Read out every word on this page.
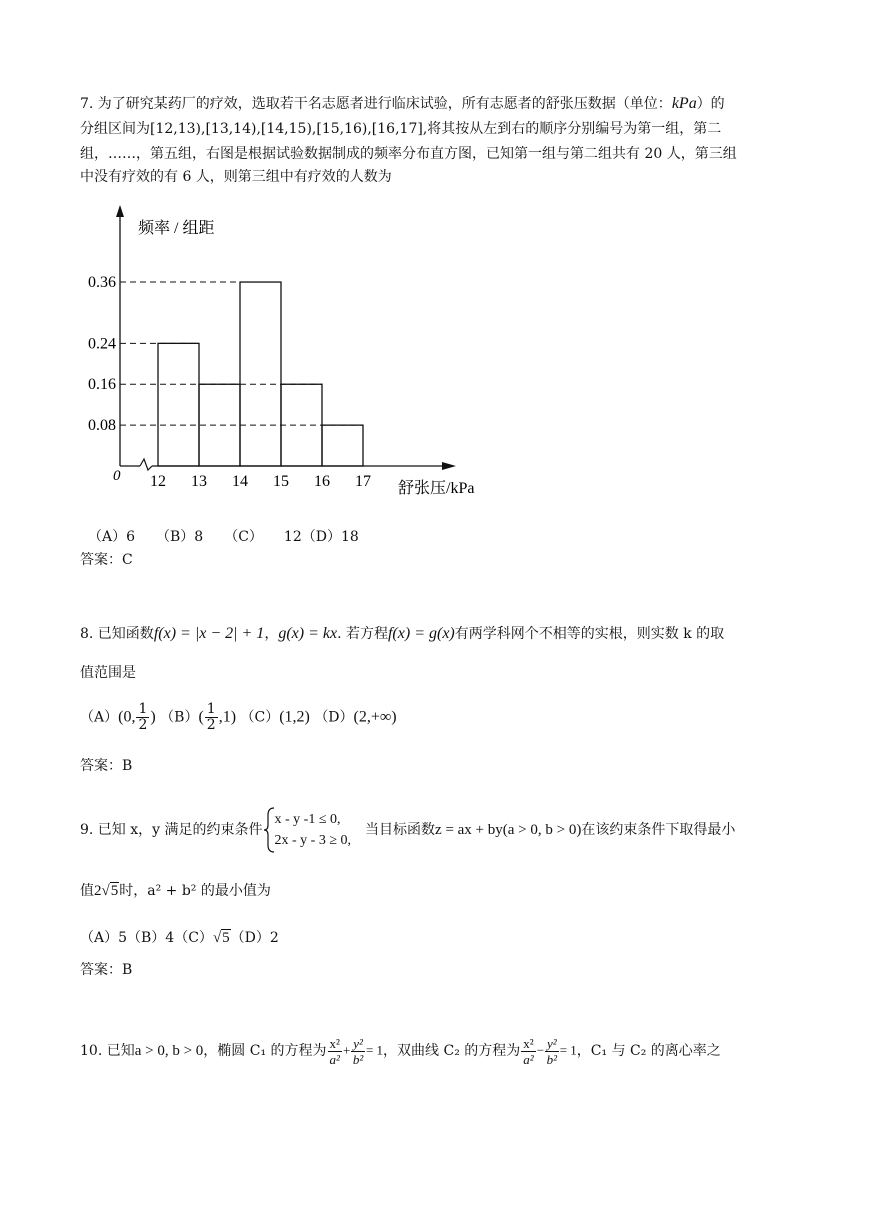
7. 为了研究某药厂的疗效，选取若干名志愿者进行临床试验，所有志愿者的舒张压数据（单位：kPa）的
分组区间为[12,13),[13,14),[14,15),[15,16),[16,17],将其按从左到右的顺序分别编号为第一组，第二
组，……，第五组，右图是根据试验数据制成的频率分布直方图，已知第一组与第二组共有 20 人，第三组
中没有疗效的有 6 人，则第三组中有疗效的人数为
12 13 14 15 16 17
0.08
0.16
0.24
0.36
频率 / 组距
舒张压/kPa
0
（A）6　　（B）8　　（C）　　12（D）18
答案：C
8. 已知函数f(x) = |x − 2| + 1，g(x) = kx. 若方程f(x) = g(x)有两学科网个不相等的实根，则实数 k 的取
值范围是
（A）(0, $\frac{1}{2}$ ) $(B)( \frac{1}{2} ,1)$ （C）(1,2) （D）(2,+∞)
答案：B
9. 已知 x，y 满足的约束条件
x - y -1 ≤ 0,
2x - y - 3 ≥ 0,
当目标函数 z = ax + by(a > 0, b > 0) 在该约束条件下取得最小
值2√5时，a² + b² 的最小值为
（A）5（B）4（C）√5（D）2
答案：B
10. 已知 a > 0, b > 0 ，椭圆 C₁ 的方程为 $\frac{\text{x²}}{\text{a²}} + \frac{\text{y²}}{\text{b²}} = 1$ ，双曲线 C₂ 的方程为 $\frac{\text{x²}}{\text{a²}} - \frac{\text{y²}}{\text{b²}} = 1$ ，C₁ 与 C₂ 的离心率之
